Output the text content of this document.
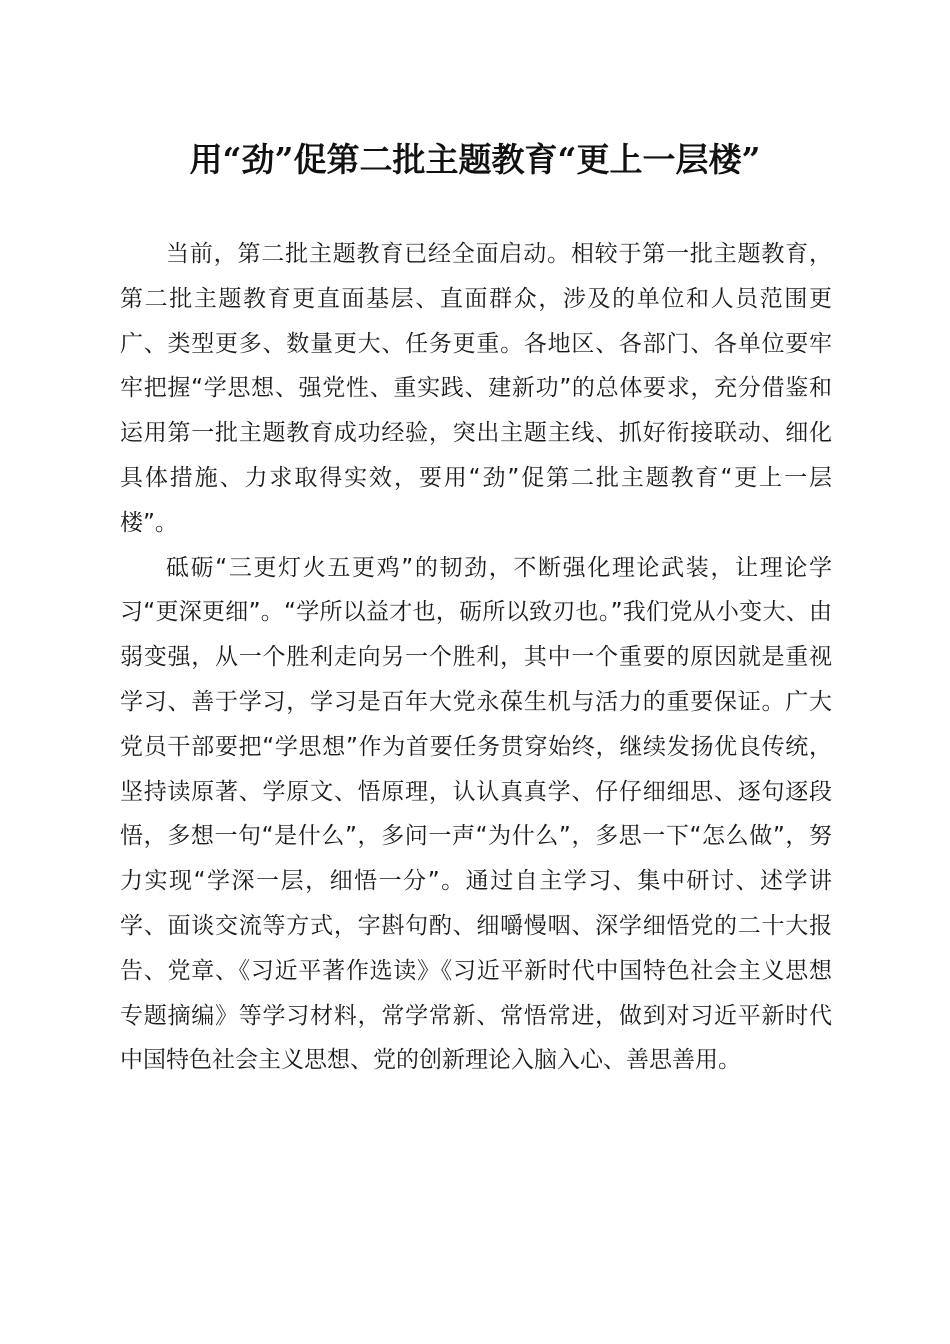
用“劲”促第二批主题教育“更上一层楼”

当前，第二批主题教育已经全面启动。相较于第一批主题教育，第二批主题教育更直面基层、直面群众，涉及的单位和人员范围更广、类型更多、数量更大、任务更重。各地区、各部门、各单位要牢牢把握“学思想、强党性、重实践、建新功”的总体要求，充分借鉴和运用第一批主题教育成功经验，突出主题主线、抓好衔接联动、细化具体措施、力求取得实效，要用“劲”促第二批主题教育“更上一层楼”。

砥砺“三更灯火五更鸡”的韧劲，不断强化理论武装，让理论学习“更深更细”。“学所以益才也，砺所以致刃也。”我们党从小变大、由弱变强，从一个胜利走向另一个胜利，其中一个重要的原因就是重视学习、善于学习，学习是百年大党永葆生机与活力的重要保证。广大党员干部要把“学思想”作为首要任务贯穿始终，继续发扬优良传统，坚持读原著、学原文、悟原理，认认真真学、仔仔细细思、逐句逐段悟，多想一句“是什么”，多问一声“为什么”，多思一下“怎么做”，努力实现“学深一层，细悟一分”。通过自主学习、集中研讨、述学讲学、面谈交流等方式，字斟句酌、细嚼慢咽、深学细悟党的二十大报告、党章、《习近平著作选读》《习近平新时代中国特色社会主义思想专题摘编》等学习材料，常学常新、常悟常进，做到对习近平新时代中国特色社会主义思想、党的创新理论入脑入心、善思善用。
